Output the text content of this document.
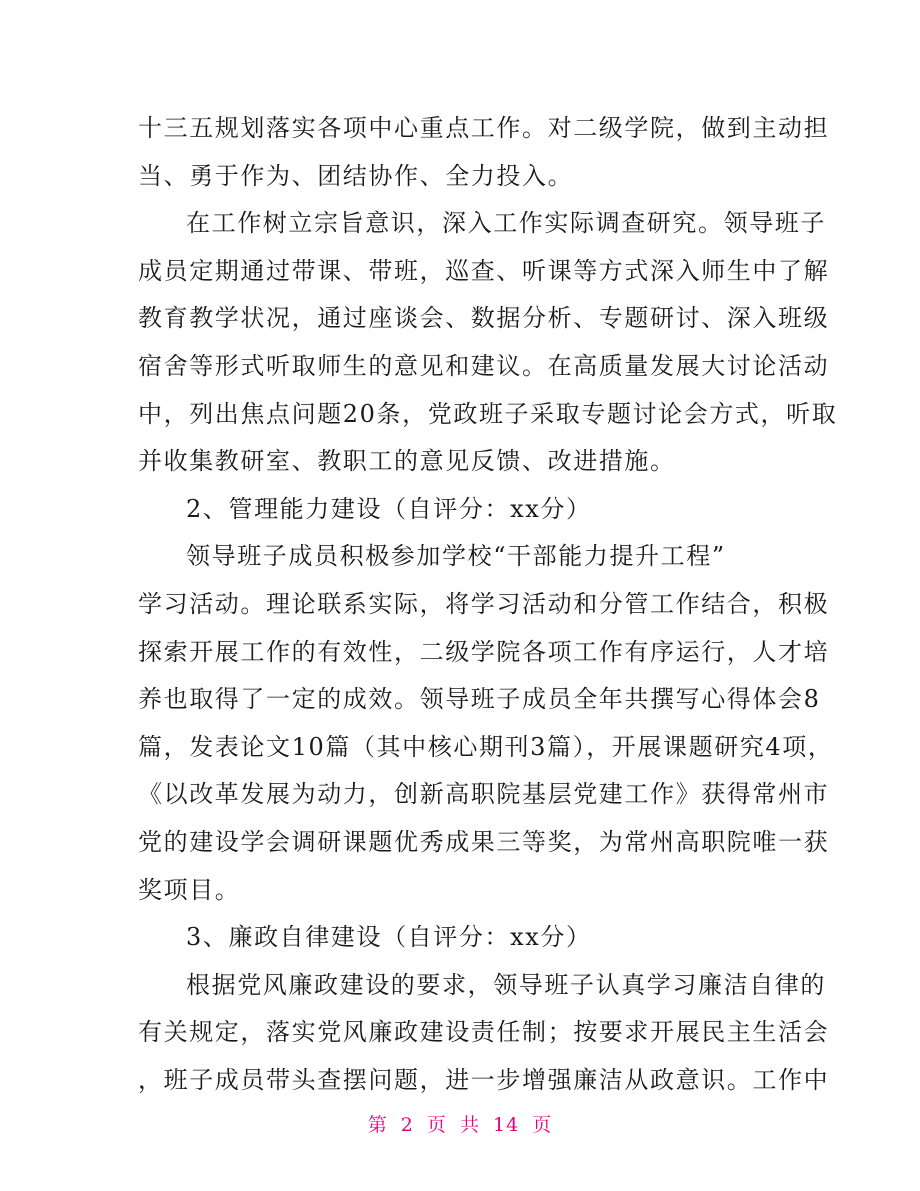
十三五规划落实各项中心重点工作。对二级学院，做到主动担
当、勇于作为、团结协作、全力投入。
在工作树立宗旨意识，深入工作实际调查研究。领导班子
成员定期通过带课、带班，巡查、听课等方式深入师生中了解
教育教学状况，通过座谈会、数据分析、专题研讨、深入班级
宿舍等形式听取师生的意见和建议。在高质量发展大讨论活动
中，列出焦点问题20条，党政班子采取专题讨论会方式，听取
并收集教研室、教职工的意见反馈、改进措施。
2、管理能力建设（自评分：xx分）
领导班子成员积极参加学校“干部能力提升工程”
学习活动。理论联系实际，将学习活动和分管工作结合，积极
探索开展工作的有效性，二级学院各项工作有序运行，人才培
养也取得了一定的成效。领导班子成员全年共撰写心得体会8
篇，发表论文10篇（其中核心期刊3篇），开展课题研究4项，
《以改革发展为动力，创新高职院基层党建工作》获得常州市
党的建设学会调研课题优秀成果三等奖，为常州高职院唯一获
奖项目。
3、廉政自律建设（自评分：xx分）
根据党风廉政建设的要求，领导班子认真学习廉洁自律的
有关规定，落实党风廉政建设责任制；按要求开展民主生活会
，班子成员带头查摆问题，进一步增强廉洁从政意识。工作中
第 2 页 共 14 页
